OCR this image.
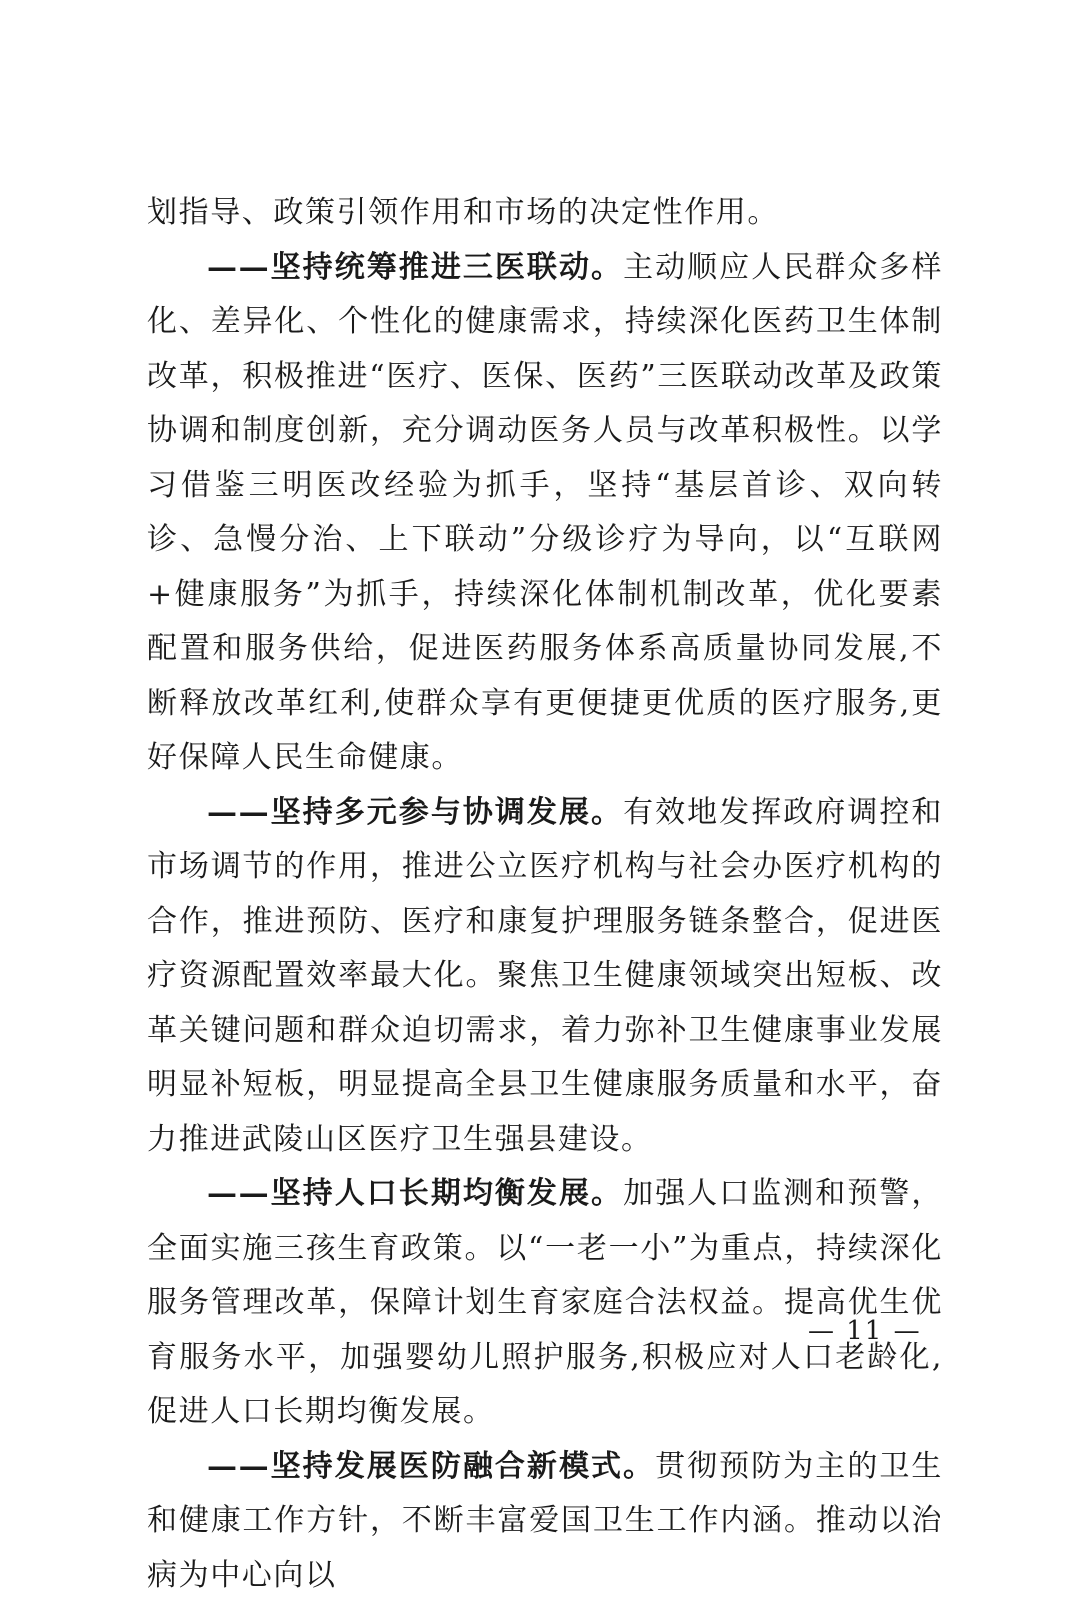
划指导、政策引领作用和市场的决定性作用。

——坚持统筹推进三医联动。主动顺应人民群众多样化、差异化、个性化的健康需求，持续深化医药卫生体制改革，积极推进“医疗、医保、医药”三医联动改革及政策协调和制度创新，充分调动医务人员与改革积极性。以学习借鉴三明医改经验为抓手，坚持“基层首诊、双向转诊、急慢分治、上下联动”分级诊疗为导向，以“互联网+健康服务”为抓手，持续深化体制机制改革，优化要素配置和服务供给，促进医药服务体系高质量协同发展,不断释放改革红利,使群众享有更便捷更优质的医疗服务,更好保障人民生命健康。

——坚持多元参与协调发展。有效地发挥政府调控和市场调节的作用，推进公立医疗机构与社会办医疗机构的合作，推进预防、医疗和康复护理服务链条整合，促进医疗资源配置效率最大化。聚焦卫生健康领域突出短板、改革关键问题和群众迫切需求，着力弥补卫生健康事业发展明显补短板，明显提高全县卫生健康服务质量和水平，奋力推进武陵山区医疗卫生强县建设。

——坚持人口长期均衡发展。加强人口监测和预警，全面实施三孩生育政策。以“一老一小”为重点，持续深化服务管理改革，保障计划生育家庭合法权益。提高优生优育服务水平，加强婴幼儿照护服务,积极应对人口老龄化,促进人口长期均衡发展。

——坚持发展医防融合新模式。贯彻预防为主的卫生和健康工作方针，不断丰富爱国卫生工作内涵。推动以治病为中心向以

— 11 —
